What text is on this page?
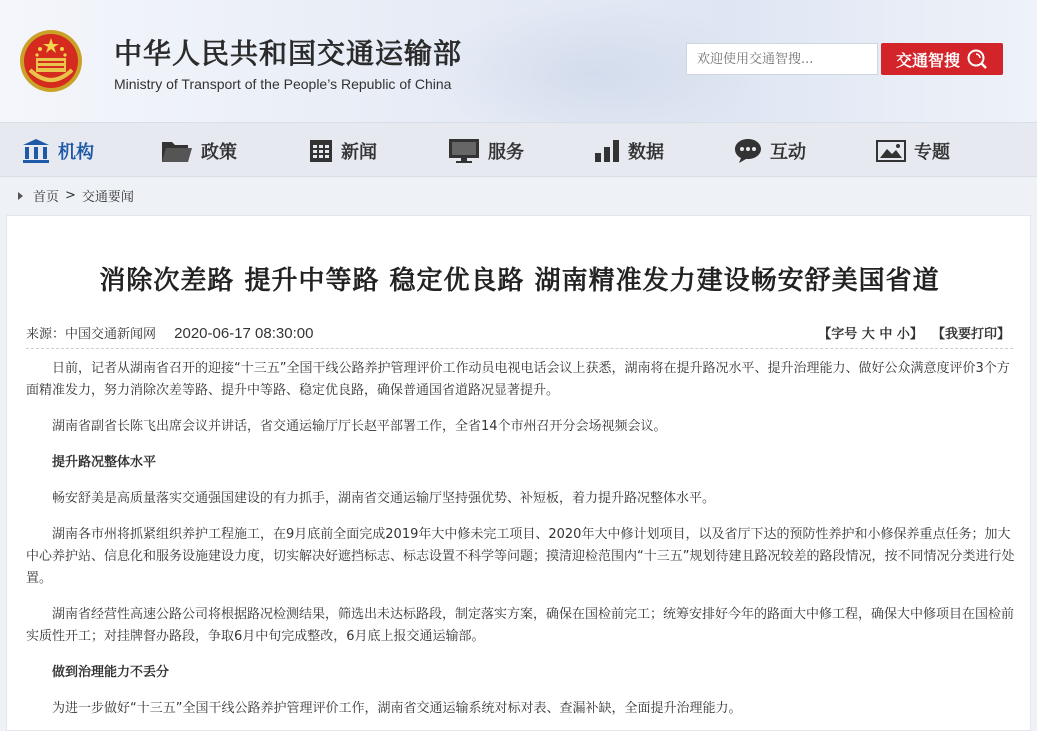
中华人民共和国交通运输部
Ministry of Transport of the People’s Republic of China
欢迎使用交通智搜...
交通智搜
机构	政策	新闻	服务	数据	互动	专题
首页 > 交通要闻
消除次差路 提升中等路 稳定优良路 湖南精准发力建设畅安舒美国省道
来源：中国交通新闻网 2020-06-17 08:30:00	【字号 大 中 小】 【我要打印】

日前，记者从湖南省召开的迎接“十三五”全国干线公路养护管理评价工作动员电视电话会议上获悉，湖南将在提升路况水平、提升治理能力、做好公众满意度评价3个方面精准发力，努力消除次差等路、提升中等路、稳定优良路，确保普通国省道路况显著提升。

湖南省副省长陈飞出席会议并讲话，省交通运输厅厅长赵平部署工作，全省14个市州召开分会场视频会议。

提升路况整体水平

畅安舒美是高质量落实交通强国建设的有力抓手，湖南省交通运输厅坚持强优势、补短板，着力提升路况整体水平。

湖南各市州将抓紧组织养护工程施工，在9月底前全面完成2019年大中修未完工项目、2020年大中修计划项目，以及省厅下达的预防性养护和小修保养重点任务；加大中心养护站、信息化和服务设施建设力度，切实解决好遮挡标志、标志设置不科学等问题；摸清迎检范围内“十三五”规划待建且路况较差的路段情况，按不同情况分类进行处置。

湖南省经营性高速公路公司将根据路况检测结果，筛选出未达标路段，制定落实方案，确保在国检前完工；统筹安排好今年的路面大中修工程，确保大中修项目在国检前实质性开工；对挂牌督办路段，争取6月中旬完成整改，6月底上报交通运输部。

做到治理能力不丢分

为进一步做好“十三五”全国干线公路养护管理评价工作，湖南省交通运输系统对标对表、查漏补缺，全面提升治理能力。
